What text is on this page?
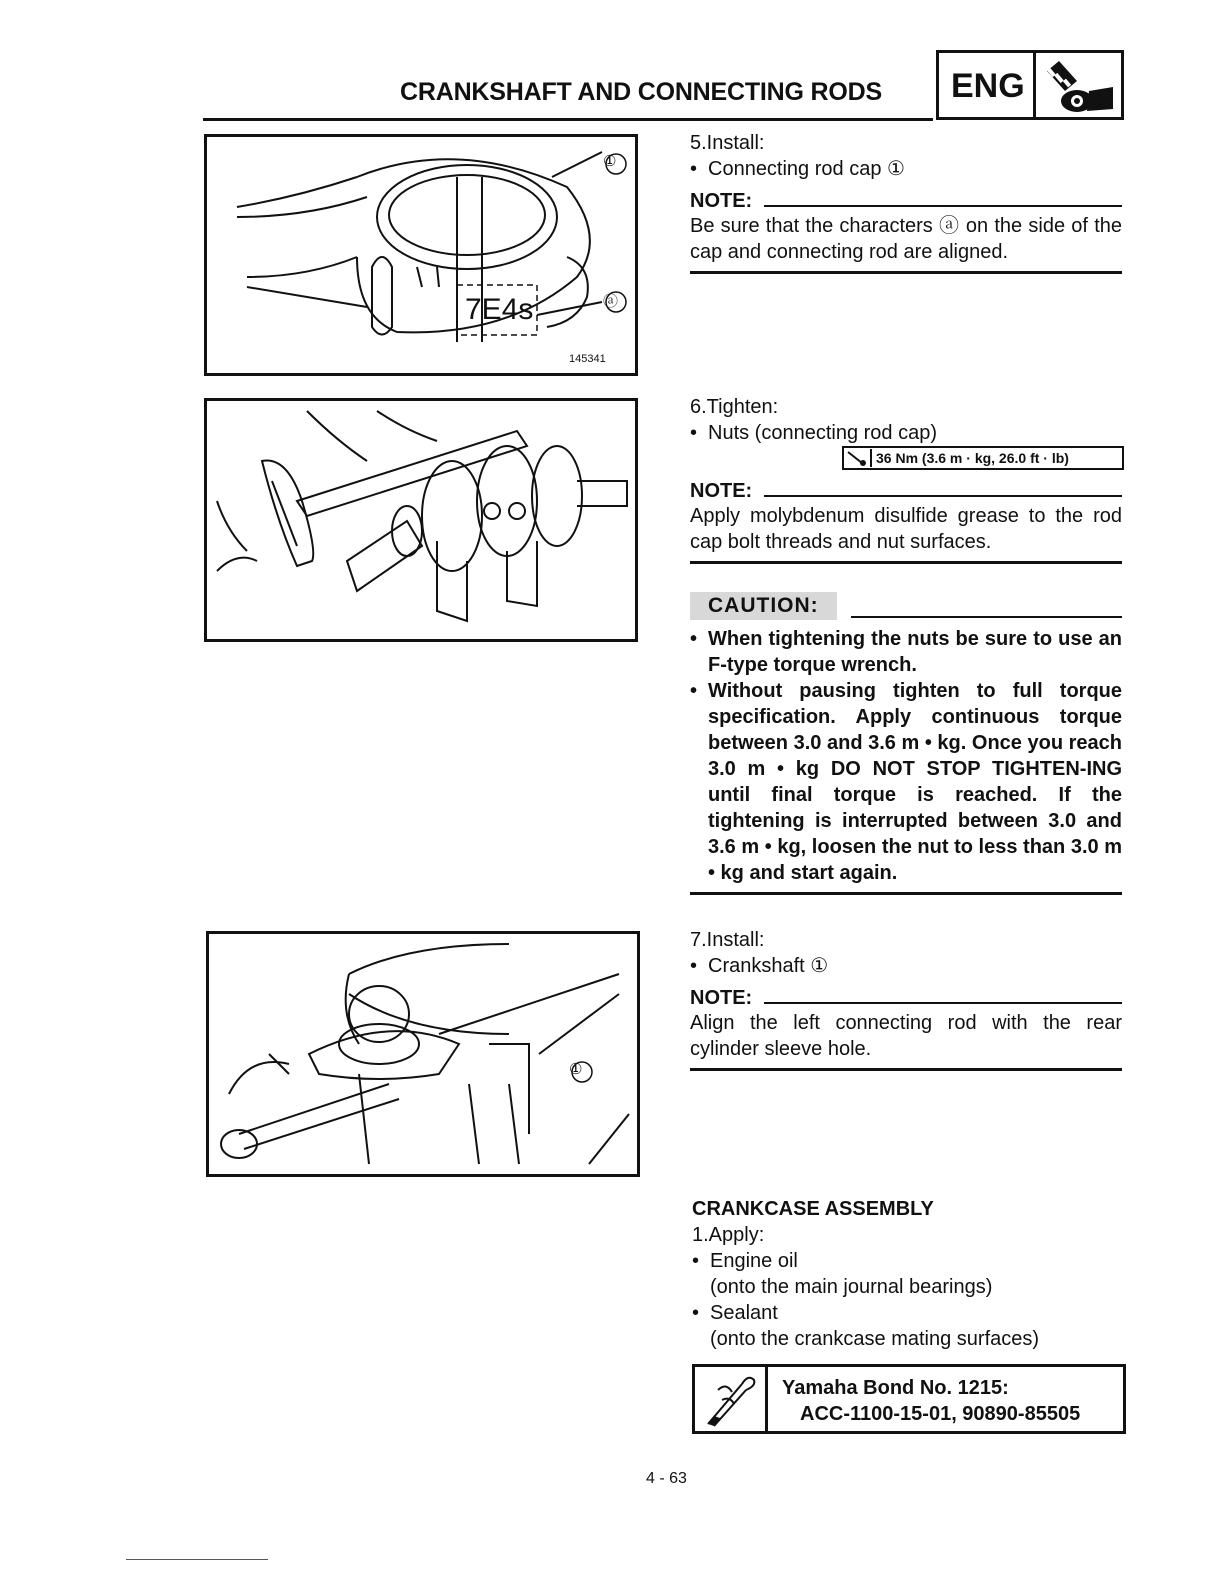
CRANKSHAFT AND CONNECTING RODS ENG
①
ⓐ
7E4s
145341
①
5.Install:
• Connecting rod cap ①
NOTE:
Be sure that the characters ⓐ on the side of the cap and connecting rod are aligned.
6.Tighten:
• Nuts (connecting rod cap)
36 Nm (3.6 m · kg, 26.0 ft · lb)
NOTE:
Apply molybdenum disulfide grease to the rod cap bolt threads and nut surfaces.
CAUTION:
• When tightening the nuts be sure to use an F-type torque wrench.
• Without pausing tighten to full torque specification. Apply continuous torque between 3.0 and 3.6 m • kg. Once you reach 3.0 m • kg DO NOT STOP TIGHTEN-ING until final torque is reached. If the tightening is interrupted between 3.0 and 3.6 m • kg, loosen the nut to less than 3.0 m • kg and start again.
7.Install:
• Crankshaft ①
NOTE:
Align the left connecting rod with the rear cylinder sleeve hole.
CRANKCASE ASSEMBLY
1.Apply:
• Engine oil
(onto the main journal bearings)
• Sealant
(onto the crankcase mating surfaces)
Yamaha Bond No. 1215:
ACC-1100-15-01, 90890-85505
4 - 63
